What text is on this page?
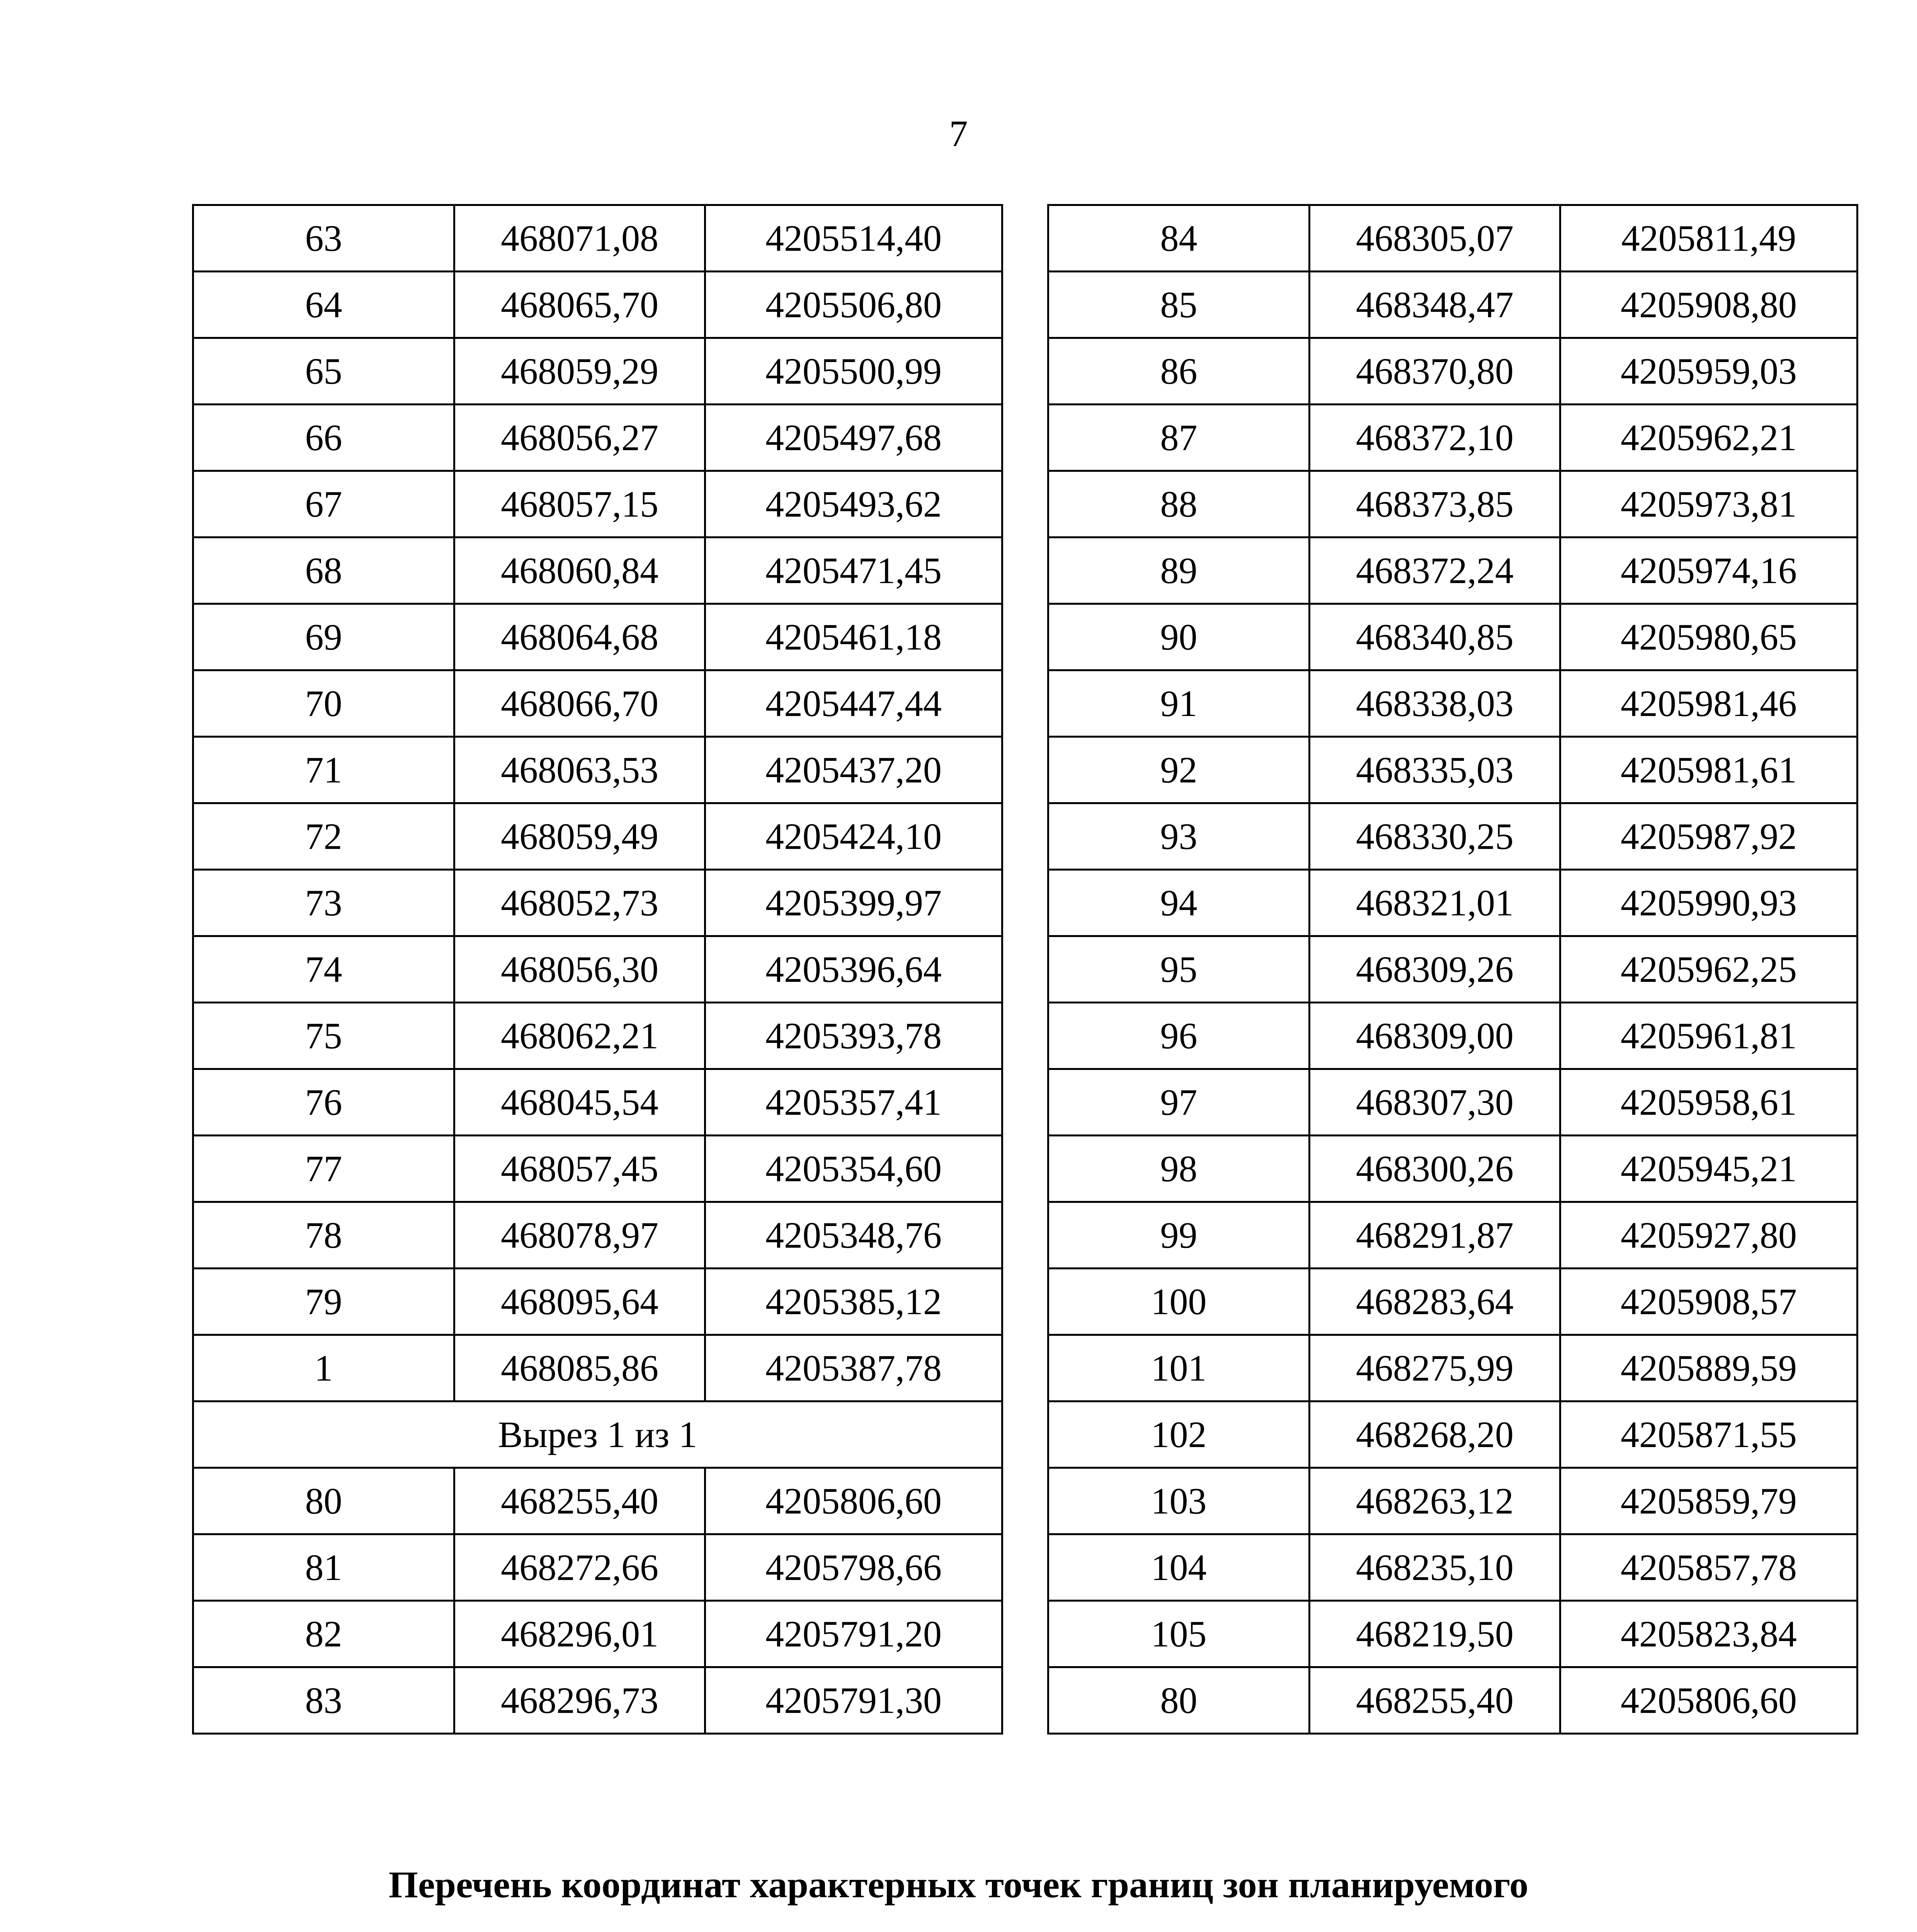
7
63	468071,08	4205514,40
64	468065,70	4205506,80
65	468059,29	4205500,99
66	468056,27	4205497,68
67	468057,15	4205493,62
68	468060,84	4205471,45
69	468064,68	4205461,18
70	468066,70	4205447,44
71	468063,53	4205437,20
72	468059,49	4205424,10
73	468052,73	4205399,97
74	468056,30	4205396,64
75	468062,21	4205393,78
76	468045,54	4205357,41
77	468057,45	4205354,60
78	468078,97	4205348,76
79	468095,64	4205385,12
1	468085,86	4205387,78
Вырез 1 из 1		
80	468255,40	4205806,60
81	468272,66	4205798,66
82	468296,01	4205791,20
83	468296,73	4205791,30
84	468305,07	4205811,49
85	468348,47	4205908,80
86	468370,80	4205959,03
87	468372,10	4205962,21
88	468373,85	4205973,81
89	468372,24	4205974,16
90	468340,85	4205980,65
91	468338,03	4205981,46
92	468335,03	4205981,61
93	468330,25	4205987,92
94	468321,01	4205990,93
95	468309,26	4205962,25
96	468309,00	4205961,81
97	468307,30	4205958,61
98	468300,26	4205945,21
99	468291,87	4205927,80
100	468283,64	4205908,57
101	468275,99	4205889,59
102	468268,20	4205871,55
103	468263,12	4205859,79
104	468235,10	4205857,78
105	468219,50	4205823,84
80	468255,40	4205806,60
Перечень координат характерных точек границ зон планируемого
